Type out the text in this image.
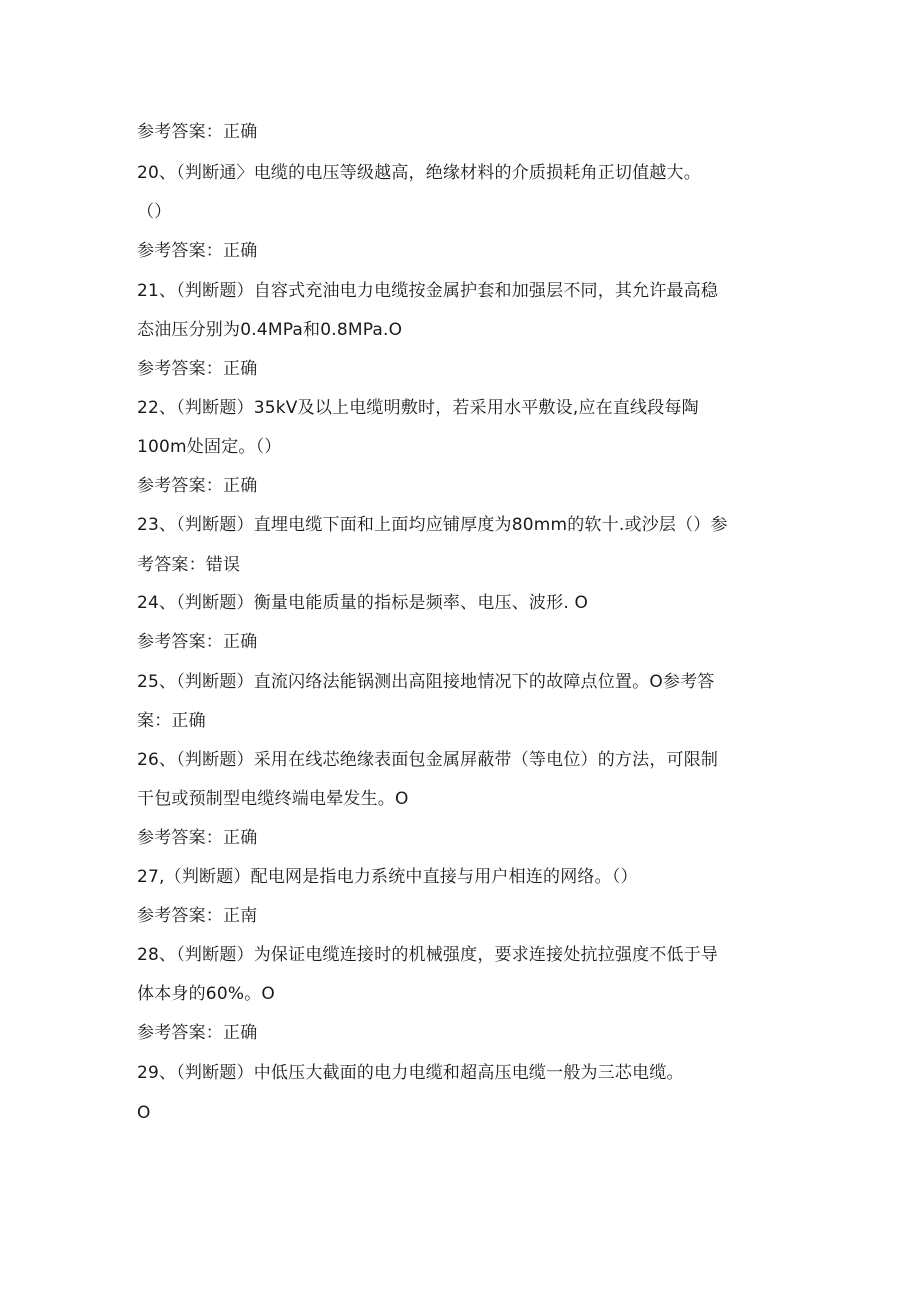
参考答案：正确
20、（判断通〉电缆的电压等级越高，绝缘材料的介质损耗角正切值越大。
（）
参考答案：正确
21、（判断题）自容式充油电力电缆按金属护套和加强层不同，其允许最高稳
态油压分别为0.4MPa和0.8MPa.O
参考答案：正确
22、（判断题）35kV及以上电缆明敷时，若采用水平敷设,应在直线段每陶
100m处固定。（）
参考答案：正确
23、（判断题）直埋电缆下面和上面均应铺厚度为80mm的软十.或沙层（）参
考答案：错误
24、（判断题）衡量电能质量的指标是频率、电压、波形. O
参考答案：正确
25、（判断题）直流闪络法能锅测出高阻接地情况下的故障点位置。O参考答
案：正确
26、（判断题）采用在线芯绝缘表面包金属屏蔽带（等电位）的方法，可限制
干包或预制型电缆终端电晕发生。O
参考答案：正确
27,（判断题）配电网是指电力系统中直接与用户相连的网络。（）
参考答案：正南
28、（判断题）为保证电缆连接时的机械强度，要求连接处抗拉强度不低于导
体本身的60%。O
参考答案：正确
29、（判断题）中低压大截面的电力电缆和超高压电缆一般为三芯电缆。
O
